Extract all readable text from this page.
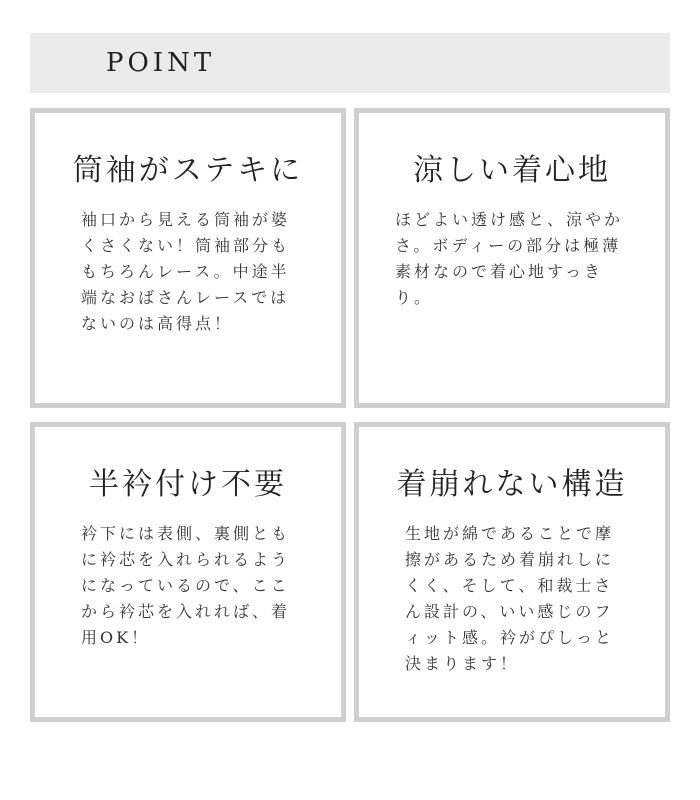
POINT
筒袖がステキに
袖口から見える筒袖が婆くさくない！筒袖部分ももちろんレース。中途半端なおばさんレースではないのは高得点！
涼しい着心地
ほどよい透け感と、涼やかさ。ボディーの部分は極薄素材なので着心地すっきり。
半衿付け不要
衿下には表側、裏側ともに衿芯を入れられるようになっているので、ここから衿芯を入れれば、着用OK！
着崩れない構造
生地が綿であることで摩擦があるため着崩れしにくく、そして、和裁士さん設計の、いい感じのフィット感。衿がぴしっと決まります！
